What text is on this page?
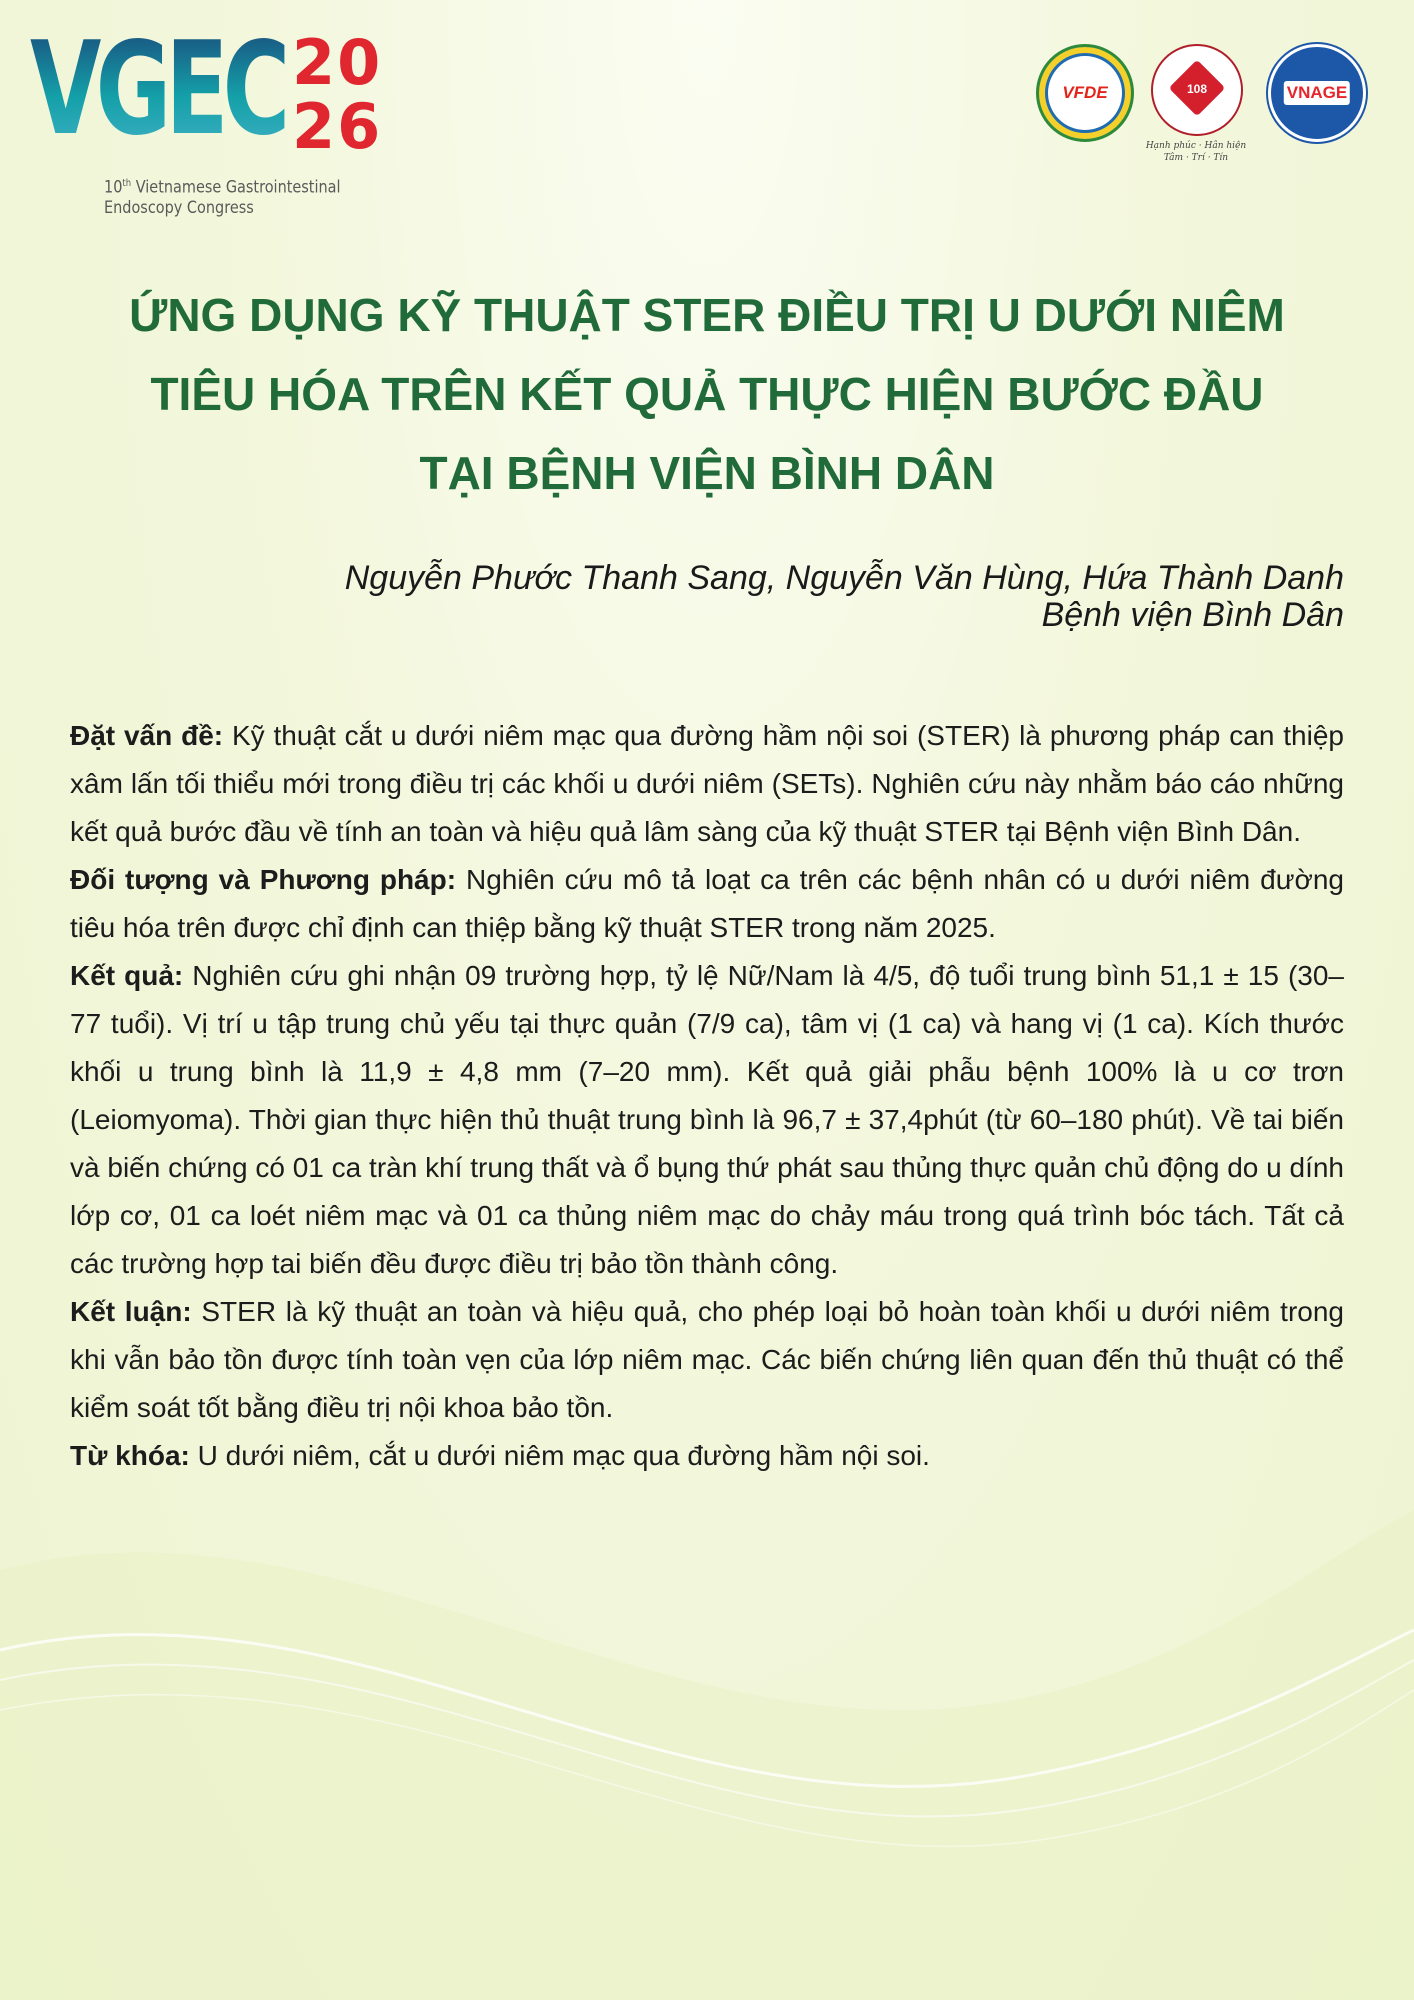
VGEC 20
26
10th Vietnamese Gastrointestinal
Endoscopy Congress
VFDE	108
Hạnh phúc · Hân hiện
Tâm · Trí · Tín
VNAGE
ỨNG DỤNG KỸ THUẬT STER ĐIỀU TRỊ U DƯỚI NIÊM
TIÊU HÓA TRÊN KẾT QUẢ THỰC HIỆN BƯỚC ĐẦU
TẠI BỆNH VIỆN BÌNH DÂN
Nguyễn Phước Thanh Sang, Nguyễn Văn Hùng, Hứa Thành Danh
Bệnh viện Bình Dân

Đặt vấn đề: Kỹ thuật cắt u dưới niêm mạc qua đường hầm nội soi (STER) là phương pháp can thiệp xâm lấn tối thiểu mới trong điều trị các khối u dưới niêm (SETs). Nghiên cứu này nhằm báo cáo những kết quả bước đầu về tính an toàn và hiệu quả lâm sàng của kỹ thuật STER tại Bệnh viện Bình Dân.

Đối tượng và Phương pháp: Nghiên cứu mô tả loạt ca trên các bệnh nhân có u dưới niêm đường tiêu hóa trên được chỉ định can thiệp bằng kỹ thuật STER trong năm 2025.

Kết quả: Nghiên cứu ghi nhận 09 trường hợp, tỷ lệ Nữ/Nam là 4/5, độ tuổi trung bình 51,1 ± 15 (30–77 tuổi). Vị trí u tập trung chủ yếu tại thực quản (7/9 ca), tâm vị (1 ca) và hang vị (1 ca). Kích thước khối u trung bình là 11,9 ± 4,8 mm (7–20 mm). Kết quả giải phẫu bệnh 100% là u cơ trơn (Leiomyoma). Thời gian thực hiện thủ thuật trung bình là 96,7 ± 37,4phút (từ 60–180 phút). Về tai biến và biến chứng có 01 ca tràn khí trung thất và ổ bụng thứ phát sau thủng thực quản chủ động do u dính lớp cơ, 01 ca loét niêm mạc và 01 ca thủng niêm mạc do chảy máu trong quá trình bóc tách. Tất cả các trường hợp tai biến đều được điều trị bảo tồn thành công.

Kết luận: STER là kỹ thuật an toàn và hiệu quả, cho phép loại bỏ hoàn toàn khối u dưới niêm trong khi vẫn bảo tồn được tính toàn vẹn của lớp niêm mạc. Các biến chứng liên quan đến thủ thuật có thể kiểm soát tốt bằng điều trị nội khoa bảo tồn.

Từ khóa: U dưới niêm, cắt u dưới niêm mạc qua đường hầm nội soi.
